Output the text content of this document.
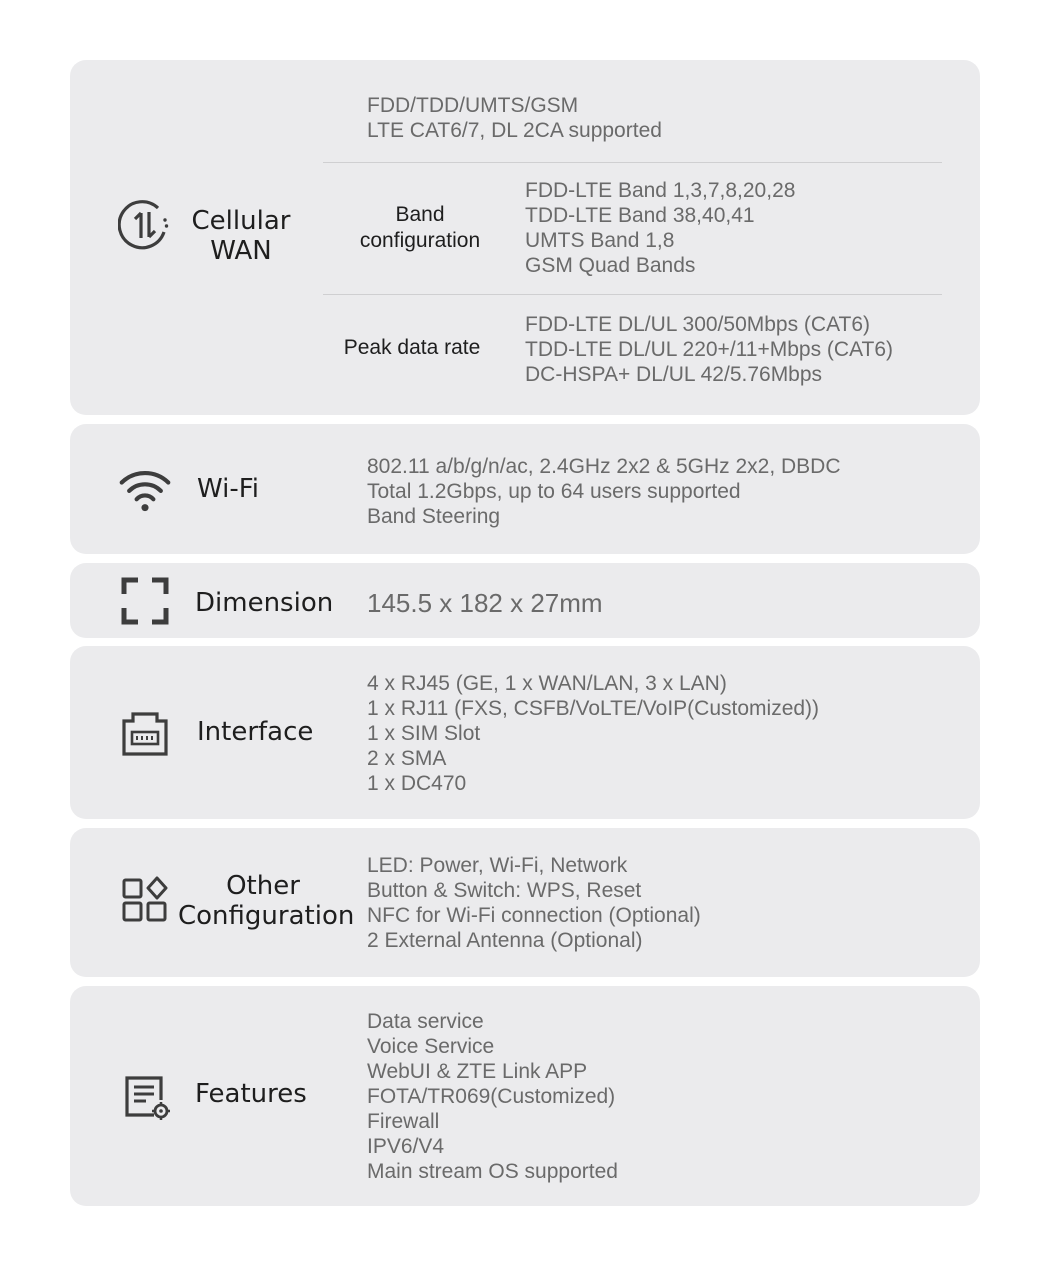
Cellular
WAN
FDD/TDD/UMTS/GSM
LTE CAT6/7, DL 2CA supported
Band
configuration
FDD-LTE Band 1,3,7,8,20,28
TDD-LTE Band 38,40,41
UMTS Band 1,8
GSM Quad Bands
Peak data rate
FDD-LTE DL/UL 300/50Mbps (CAT6)
TDD-LTE DL/UL 220+/11+Mbps (CAT6)
DC-HSPA+ DL/UL 42/5.76Mbps
Wi-Fi
802.11 a/b/g/n/ac, 2.4GHz 2x2 & 5GHz 2x2, DBDC
Total 1.2Gbps, up to 64 users supported
Band Steering
Dimension 145.5 x 182 x 27mm
Interface
4 x RJ45 (GE, 1 x WAN/LAN, 3 x LAN)
1 x RJ11 (FXS, CSFB/VoLTE/VoIP(Customized))
1 x SIM Slot
2 x SMA
1 x DC470
Other
Configuration
LED: Power, Wi-Fi, Network
Button & Switch: WPS, Reset
NFC for Wi-Fi connection (Optional)
2 External Antenna (Optional)
Features
Data service
Voice Service
WebUI & ZTE Link APP
FOTA/TR069(Customized)
Firewall
IPV6/V4
Main stream OS supported
